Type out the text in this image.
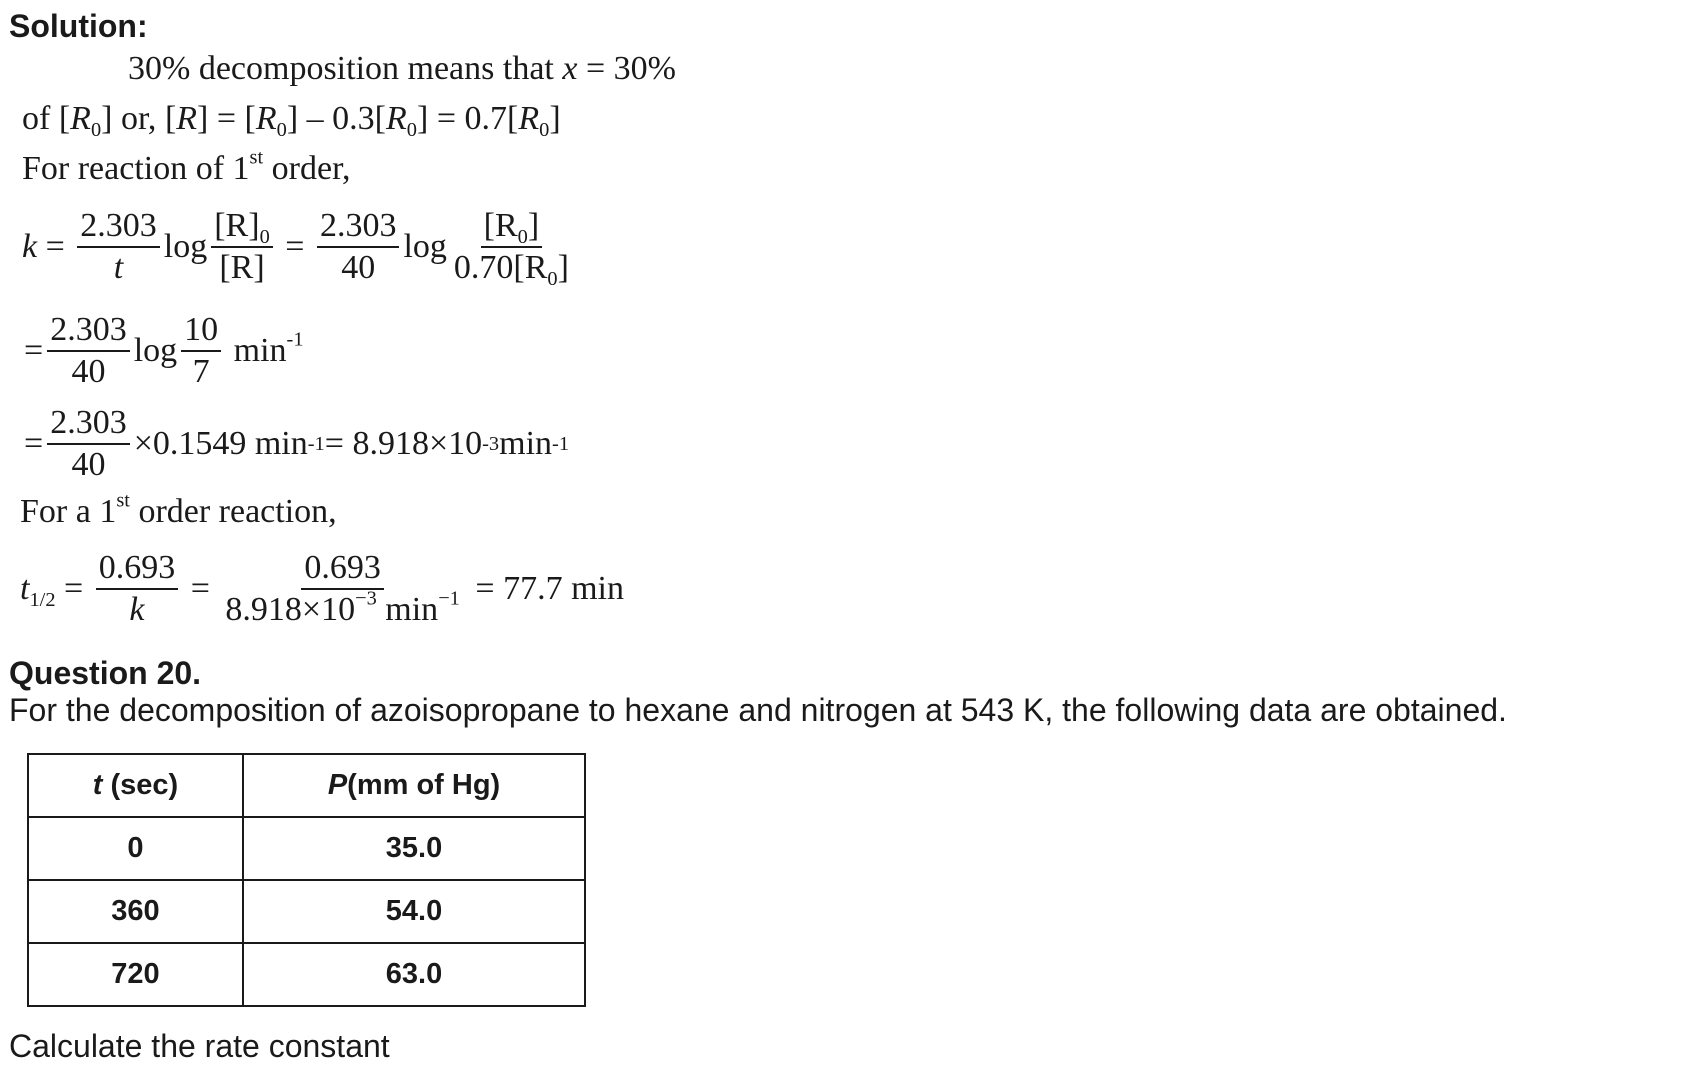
Solution:
30% decomposition means that x = 30%
of $[R_0]$ or, $[R] = [R_0] - 0.3[R_0] = 0.7[R_0]$
For reaction of 1st order,
$k = \frac{2.303}{t}$ $\log \frac{[R]_0}{[R]} = \frac{2.303}{40}$ $\log \frac{[R_0]}{0.70[R_0]}$
= $\frac{2.303}{40}$ $\log \frac{10}{7} \min^{-1}$
= $\frac{2.303}{40} \times 0.1549$ min -1 = 8.918×10 -3 min -1
For a 1st order reaction,
$t_{1/2} = \frac{0.693}{k} = \frac{0.693}{8.918\times 10^{-3} \min^{-1}}$
= 77.7 min
Question 20.
For the decomposition of azoisopropane to hexane and nitrogen at 543 K, the following data are obtained.
t (sec)	P(mm of Hg)
0	35.0
360	54.0
720	63.0
Calculate the rate constant
